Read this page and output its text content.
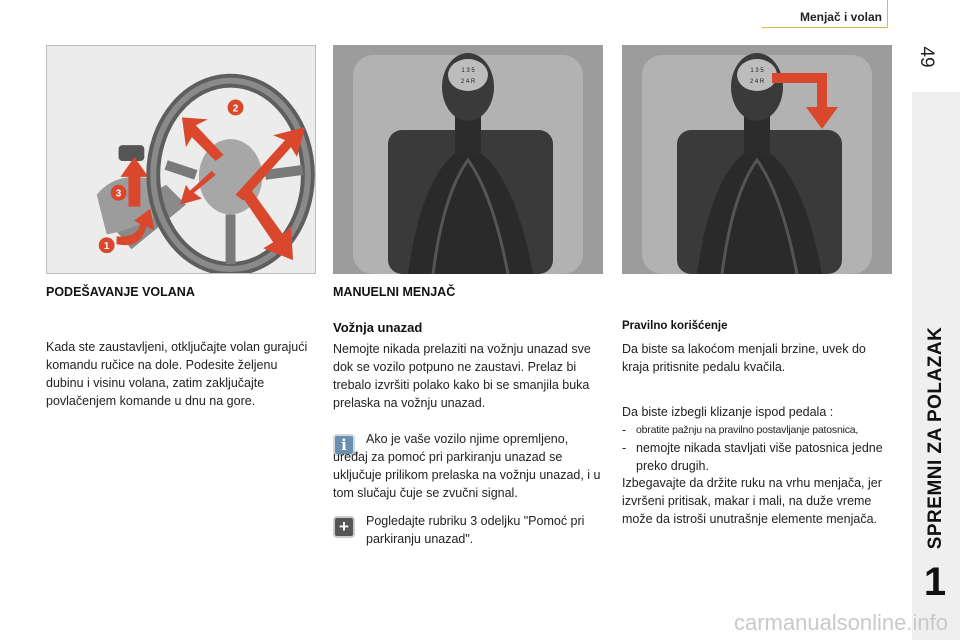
Menjač i volan
49
SPREMNI ZA POLAZAK
1
2
3
1
1 3 5
2 4 R
1 3 5
2 4 R
PODEŠAVANJE VOLANA
Kada ste zaustavljeni, otključajte volan gurajući komandu ručice na dole. Podesite željenu dubinu i visinu volana, zatim zaključajte povlačenjem komande u dnu na gore.
MANUELNI MENJAČ
Vožnja unazad
Nemojte nikada prelaziti na vožnju unazad sve dok se vozilo potpuno ne zaustavi. Prelaz bi trebalo izvršiti polako kako bi se smanjila buka prelaska na vožnju unazad.
i	Ako je vaše vozilo njime opremljeno, uređaj za pomoć pri parkiranju unazad se uključuje prilikom prelaska na vožnju unazad, i u tom slučaju čuje se zvučni signal.
+	Pogledajte rubriku 3 odeljku "Pomoć pri parkiranju unazad".
Pravilno korišćenje
Da biste sa lakoćom menjali brzine, uvek do kraja pritisnite pedalu kvačila.
Da biste izbegli klizanje ispod pedala :
- obratite pažnju na pravilno postavljanje patosnica,
- nemojte nikada stavljati više patosnica jedne preko drugih.
Izbegavajte da držite ruku na vrhu menjača, jer izvršeni pritisak, makar i mali, na duže vreme može da istroši unutrašnje elemente menjača.
carmanualsonline.info
